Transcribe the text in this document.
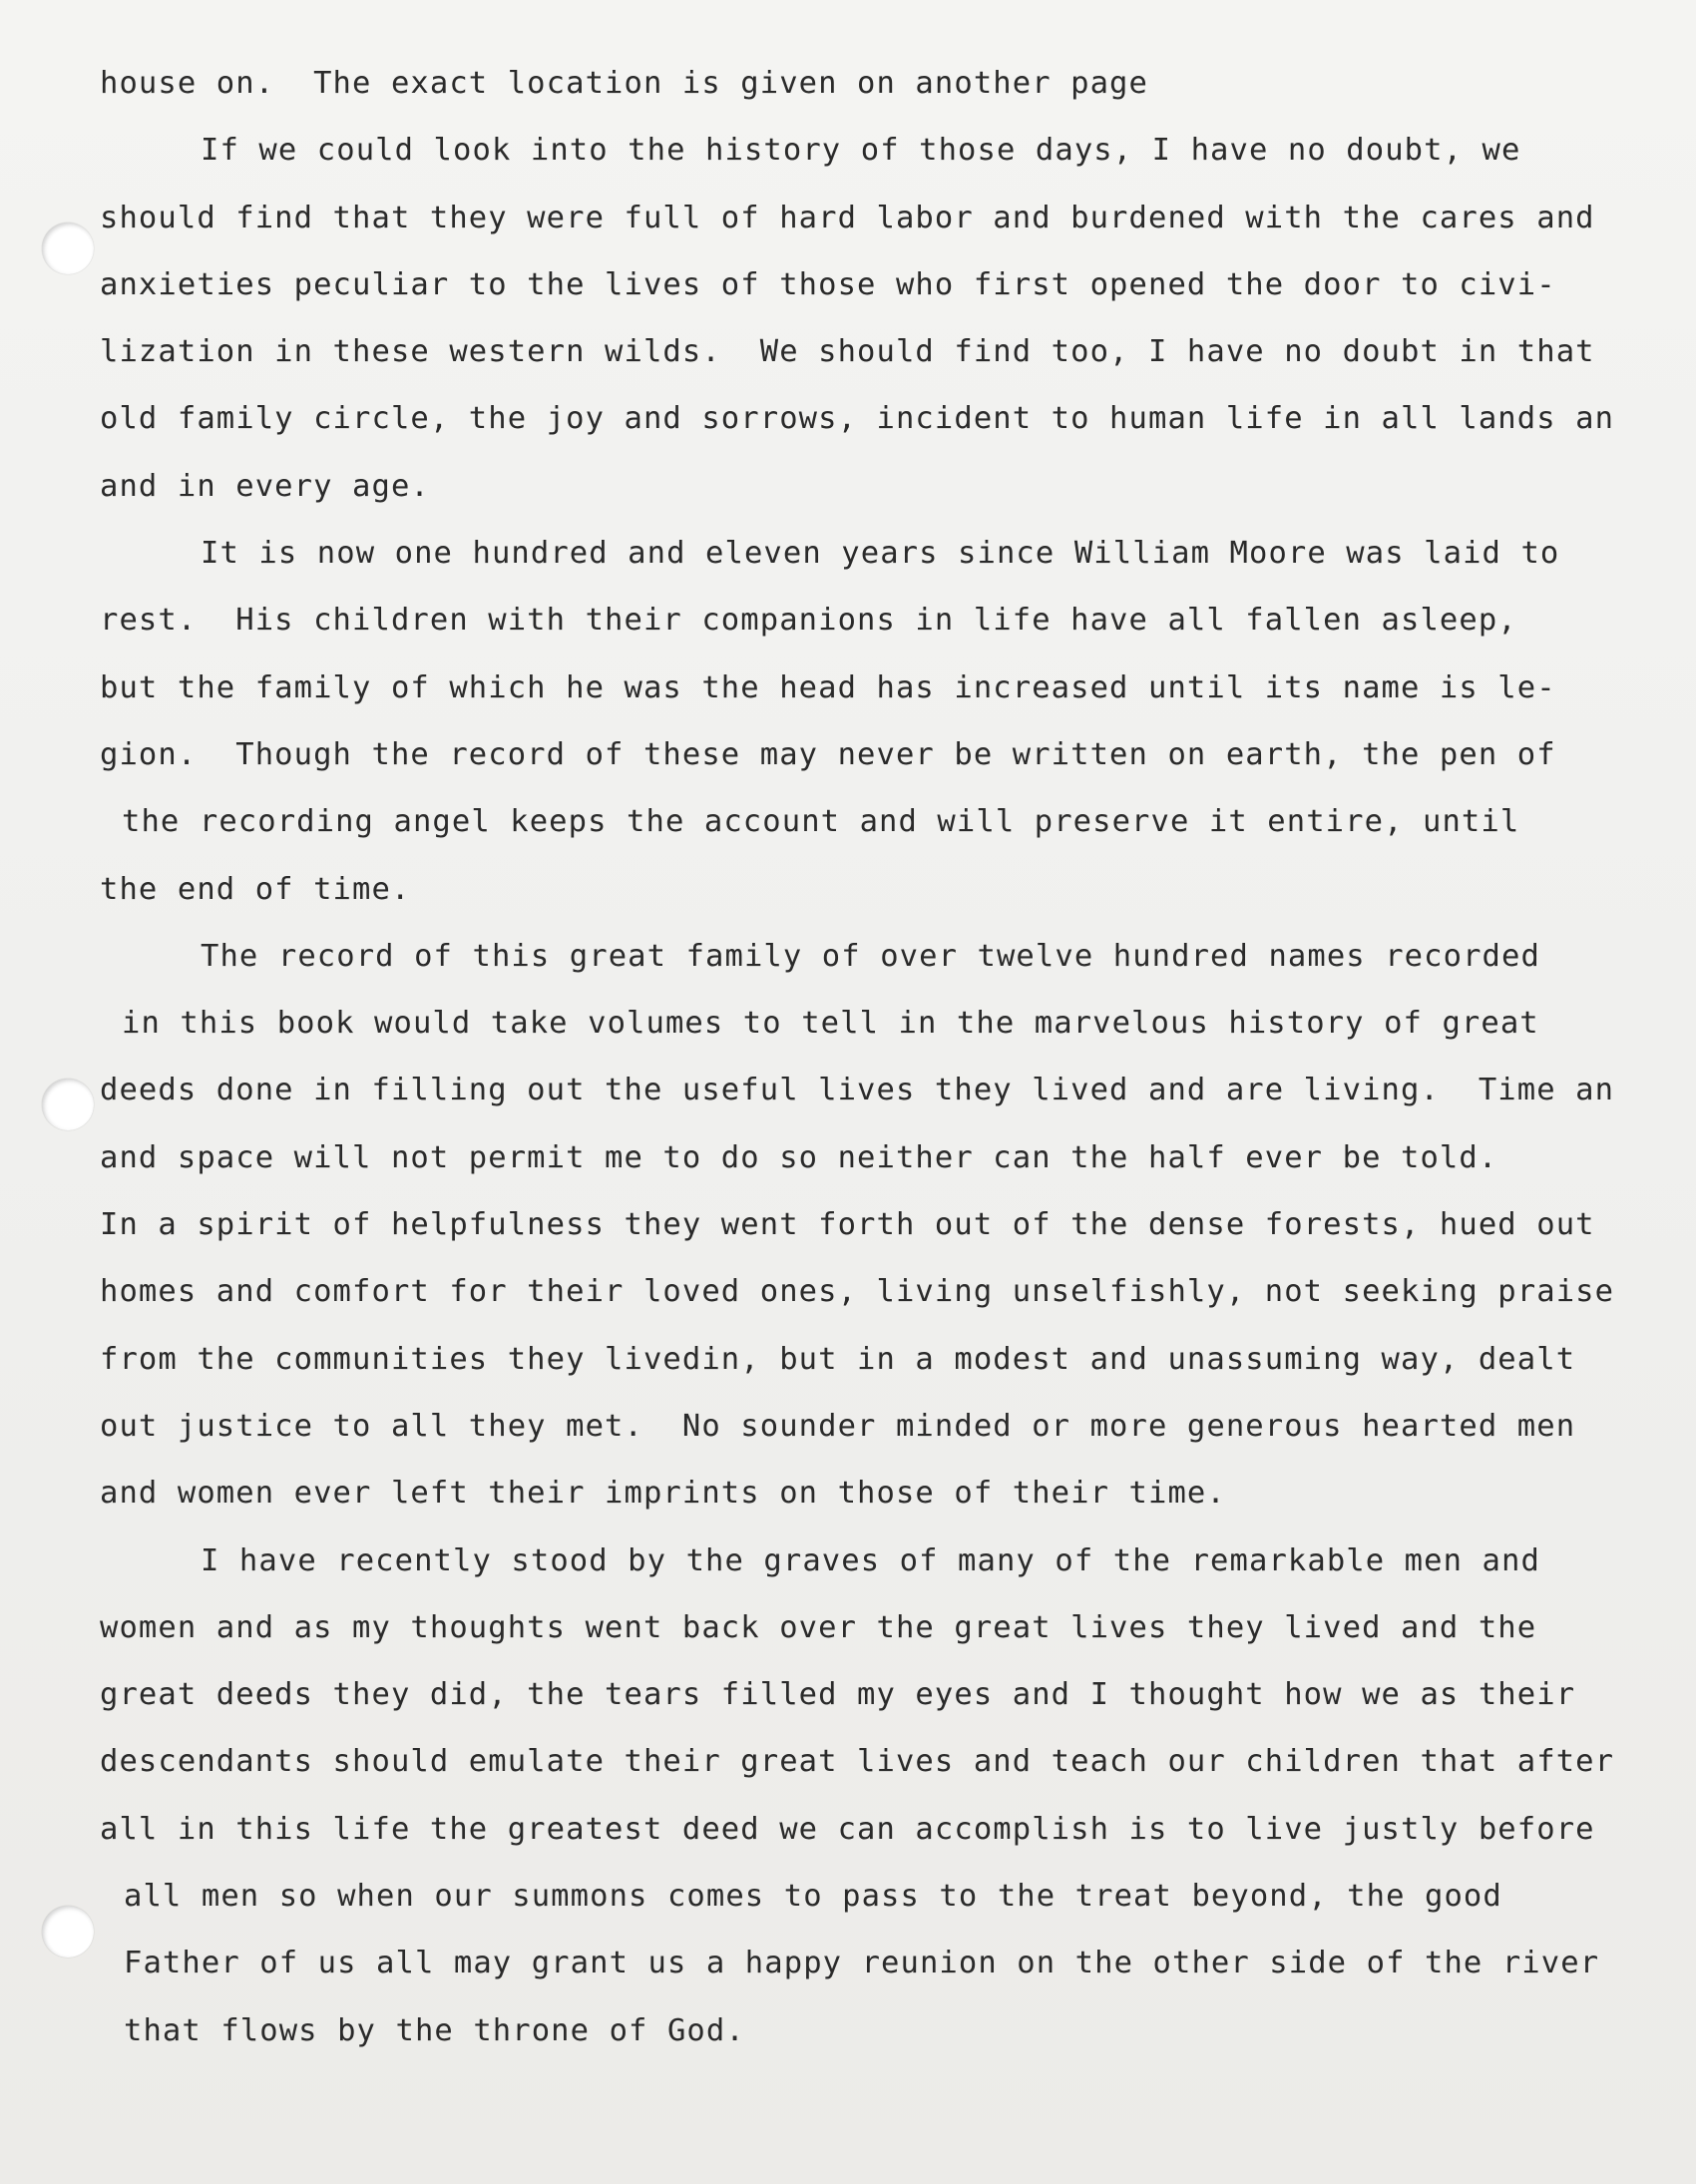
house on.  The exact location is given on another page
If we could look into the history of those days, I have no doubt, we
should find that they were full of hard labor and burdened with the cares and
anxieties peculiar to the lives of those who first opened the door to civi-
lization in these western wilds.  We should find too, I have no doubt in that
old family circle, the joy and sorrows, incident to human life in all lands an
and in every age.
It is now one hundred and eleven years since William Moore was laid to
rest.  His children with their companions in life have all fallen asleep,
but the family of which he was the head has increased until its name is le-
gion.  Though the record of these may never be written on earth, the pen of
the recording angel keeps the account and will preserve it entire, until
the end of time.
The record of this great family of over twelve hundred names recorded
in this book would take volumes to tell in the marvelous history of great
deeds done in filling out the useful lives they lived and are living.  Time an
and space will not permit me to do so neither can the half ever be told.
In a spirit of helpfulness they went forth out of the dense forests, hued out
homes and comfort for their loved ones, living unselfishly, not seeking praise
from the communities they livedin, but in a modest and unassuming way, dealt
out justice to all they met.  No sounder minded or more generous hearted men
and women ever left their imprints on those of their time.
I have recently stood by the graves of many of the remarkable men and
women and as my thoughts went back over the great lives they lived and the
great deeds they did, the tears filled my eyes and I thought how we as their
descendants should emulate their great lives and teach our children that after
all in this life the greatest deed we can accomplish is to live justly before
all men so when our summons comes to pass to the treat beyond, the good
Father of us all may grant us a happy reunion on the other side of the river
that flows by the throne of God.
